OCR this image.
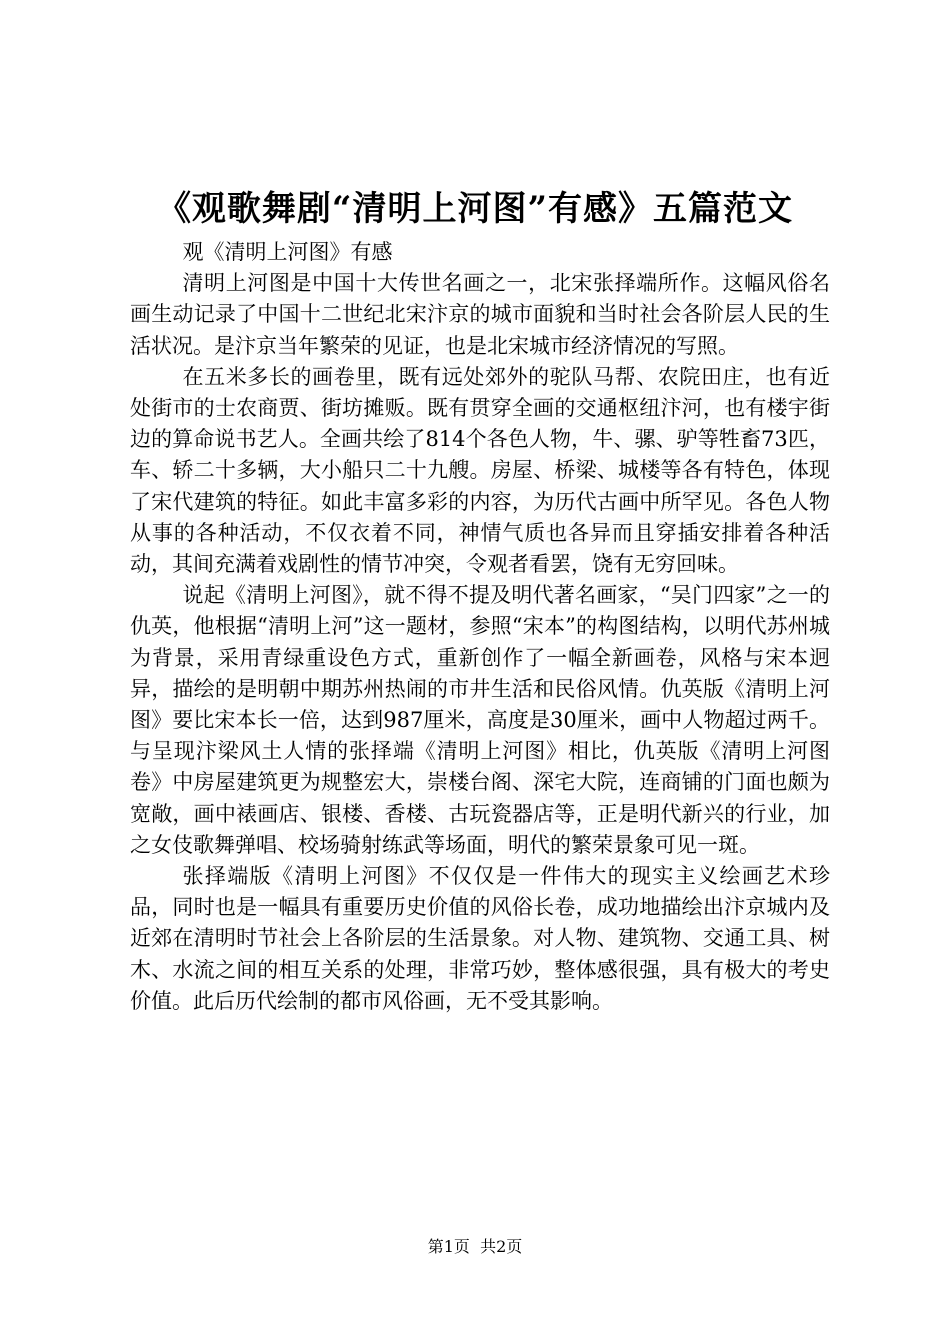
《观歌舞剧“清明上河图”有感》五篇范文

观《清明上河图》有感

清明上河图是中国十大传世名画之一，北宋张择端所作。这幅风俗名画生动记录了中国十二世纪北宋汴京的城市面貌和当时社会各阶层人民的生活状况。是汴京当年繁荣的见证，也是北宋城市经济情况的写照。

在五米多长的画卷里，既有远处郊外的驼队马帮、农院田庄，也有近处街市的士农商贾、街坊摊贩。既有贯穿全画的交通枢纽汴河，也有楼宇街边的算命说书艺人。全画共绘了814个各色人物，牛、骡、驴等牲畜73匹，车、轿二十多辆，大小船只二十九艘。房屋、桥梁、城楼等各有特色，体现了宋代建筑的特征。如此丰富多彩的内容，为历代古画中所罕见。各色人物从事的各种活动，不仅衣着不同，神情气质也各异而且穿插安排着各种活动，其间充满着戏剧性的情节冲突，令观者看罢，饶有无穷回味。

说起《清明上河图》，就不得不提及明代著名画家，“吴门四家”之一的仇英，他根据“清明上河”这一题材，参照“宋本”的构图结构，以明代苏州城为背景，采用青绿重设色方式，重新创作了一幅全新画卷，风格与宋本迥异，描绘的是明朝中期苏州热闹的市井生活和民俗风情。仇英版《清明上河图》要比宋本长一倍，达到987厘米，高度是30厘米，画中人物超过两千。与呈现汴梁风土人情的张择端《清明上河图》相比，仇英版《清明上河图卷》中房屋建筑更为规整宏大，崇楼台阁、深宅大院，连商铺的门面也颇为宽敞，画中裱画店、银楼、香楼、古玩瓷器店等，正是明代新兴的行业，加之女伎歌舞弹唱、校场骑射练武等场面，明代的繁荣景象可见一斑。

张择端版《清明上河图》不仅仅是一件伟大的现实主义绘画艺术珍品，同时也是一幅具有重要历史价值的风俗长卷，成功地描绘出汴京城内及近郊在清明时节社会上各阶层的生活景象。对人物、建筑物、交通工具、树木、水流之间的相互关系的处理，非常巧妙，整体感很强，具有极大的考史价值。此后历代绘制的都市风俗画，无不受其影响。

第1页 共2页
